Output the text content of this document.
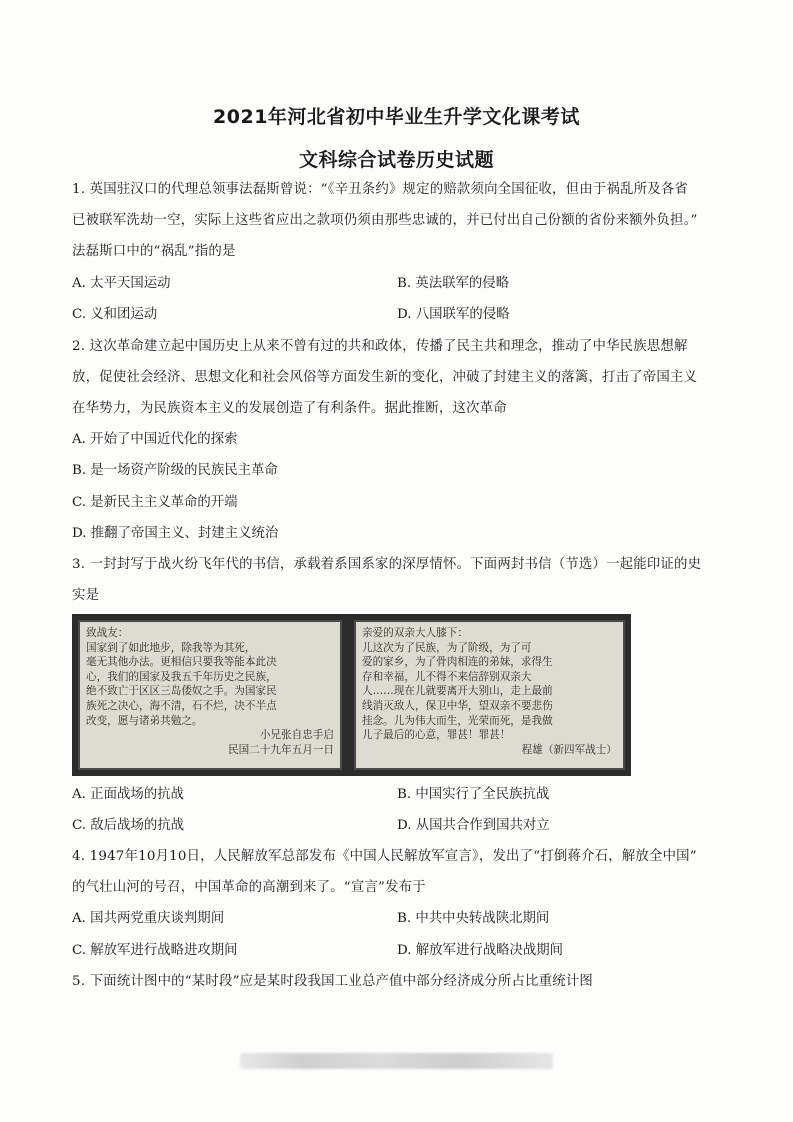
2021年河北省初中毕业生升学文化课考试
文科综合试卷历史试题
1. 英国驻汉口的代理总领事法磊斯曾说：“《辛丑条约》规定的赔款须向全国征收，但由于祸乱所及各省
已被联军洗劫一空，实际上这些省应出之款项仍须由那些忠诚的，并已付出自己份额的省份来额外负担。”
法磊斯口中的“祸乱”指的是
A. 太平天国运动	B. 英法联军的侵略
C. 义和团运动	D. 八国联军的侵略
2. 这次革命建立起中国历史上从来不曾有过的共和政体，传播了民主共和理念，推动了中华民族思想解
放，促使社会经济、思想文化和社会风俗等方面发生新的变化，冲破了封建主义的落篱，打击了帝国主义
在华势力，为民族资本主义的发展创造了有利条件。据此推断，这次革命
A. 开始了中国近代化的探索
B. 是一场资产阶级的民族民主革命
C. 是新民主主义革命的开端
D. 推翻了帝国主义、封建主义统治
3. 一封封写于战火纷飞年代的书信，承载着系国系家的深厚情怀。下面两封书信（节选）一起能印证的史
实是
致战友：
国家到了如此地步，除我等为其死，
毫无其他办法。更相信只要我等能本此决
心，我们的国家及我五千年历史之民族，
绝不致亡于区区三岛倭奴之手。为国家民
族死之决心，海不清，石不烂，决不半点
改变，愿与诸弟共勉之。
小兄张自忠手启
民国二十九年五月一日
亲爱的双亲大人膝下：
儿这次为了民族，为了阶级，为了可
爱的家乡，为了骨肉相连的弟妹，求得生
存和幸福，儿不得不来信辞别双亲大
人……现在儿就要离开大别山，走上最前
线消灭敌人，保卫中华，望双亲不要悲伤
挂念。儿为伟大而生，光荣而死，是我做
儿子最后的心意，罪甚！罪甚！
程雄（新四军战士）
A. 正面战场的抗战	B. 中国实行了全民族抗战
C. 敌后战场的抗战	D. 从国共合作到国共对立
4. 1947年10月10日，人民解放军总部发布《中国人民解放军宣言》，发出了“打倒蒋介石，解放全中国”
的气壮山河的号召，中国革命的高潮到来了。“宣言”发布于
A. 国共两党重庆谈判期间	B. 中共中央转战陕北期间
C. 解放军进行战略进攻期间	D. 解放军进行战略决战期间
5. 下面统计图中的“某时段”应是某时段我国工业总产值中部分经济成分所占比重统计图
